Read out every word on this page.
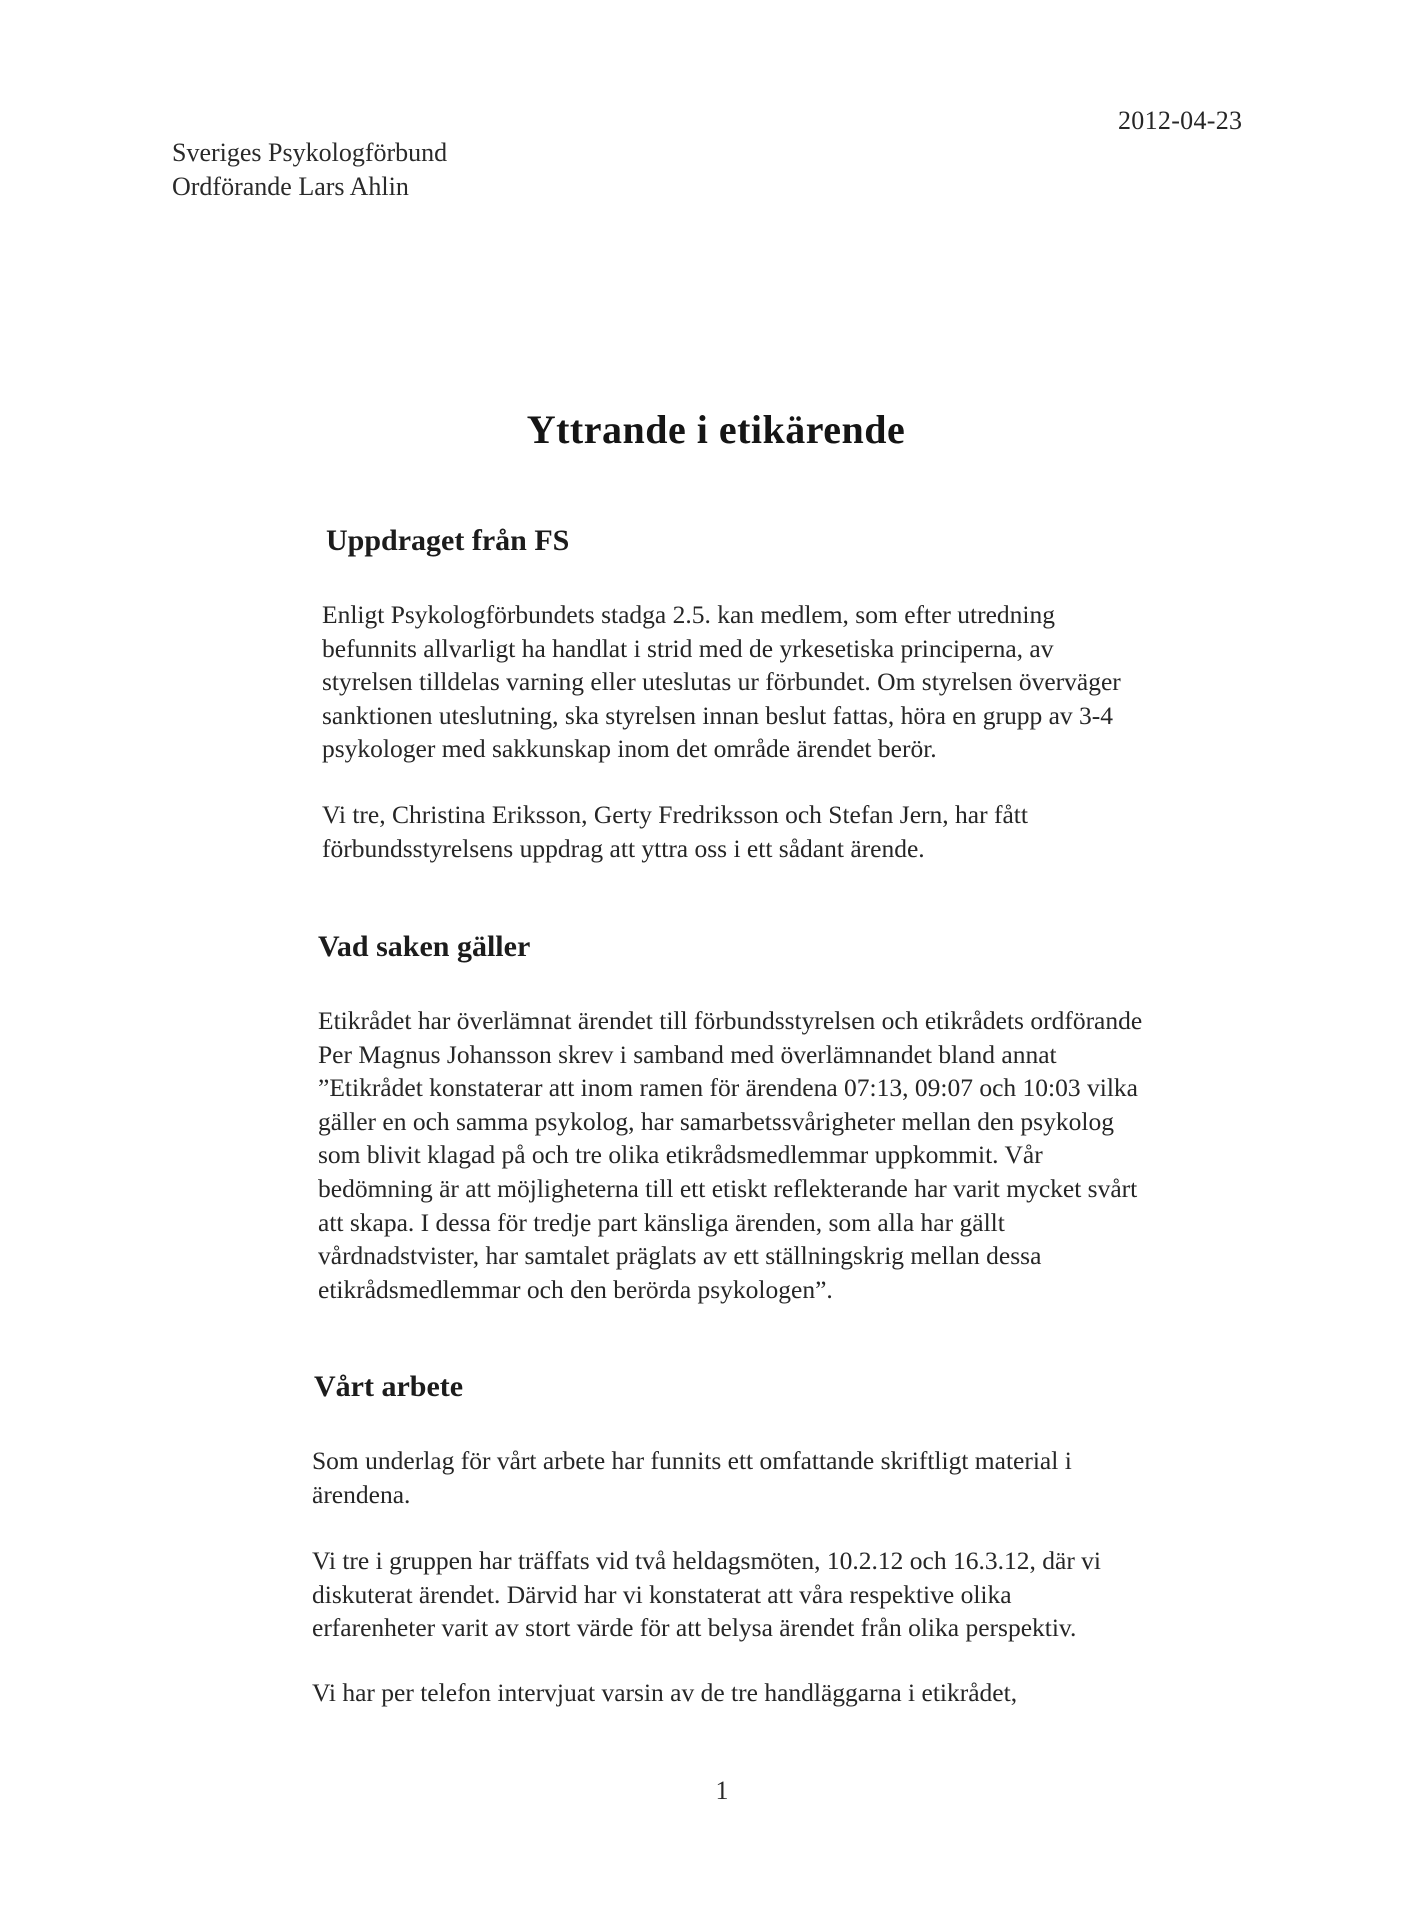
2012-04-23
Sveriges Psykologförbund
Ordförande Lars Ahlin
Yttrande i etikärende
Uppdraget från FS
Enligt Psykologförbundets stadga 2.5. kan medlem, som efter utredning
befunnits allvarligt ha handlat i strid med de yrkesetiska principerna, av
styrelsen tilldelas varning eller uteslutas ur förbundet. Om styrelsen överväger
sanktionen uteslutning, ska styrelsen innan beslut fattas, höra en grupp av 3-4
psykologer med sakkunskap inom det område ärendet berör.
Vi tre, Christina Eriksson, Gerty Fredriksson och Stefan Jern, har fått
förbundsstyrelsens uppdrag att yttra oss i ett sådant ärende.
Vad saken gäller
Etikrådet har överlämnat ärendet till förbundsstyrelsen och etikrådets ordförande
Per Magnus Johansson skrev i samband med överlämnandet bland annat
”Etikrådet konstaterar att inom ramen för ärendena 07:13, 09:07 och 10:03 vilka
gäller en och samma psykolog, har samarbetssvårigheter mellan den psykolog
som blivit klagad på och tre olika etikrådsmedlemmar uppkommit. Vår
bedömning är att möjligheterna till ett etiskt reflekterande har varit mycket svårt
att skapa. I dessa för tredje part känsliga ärenden, som alla har gällt
vårdnadstvister, har samtalet präglats av ett ställningskrig mellan dessa
etikrådsmedlemmar och den berörda psykologen”.
Vårt arbete
Som underlag för vårt arbete har funnits ett omfattande skriftligt material i
ärendena.
Vi tre i gruppen har träffats vid två heldagsmöten, 10.2.12 och 16.3.12, där vi
diskuterat ärendet. Därvid har vi konstaterat att våra respektive olika
erfarenheter varit av stort värde för att belysa ärendet från olika perspektiv.
Vi har per telefon intervjuat varsin av de tre handläggarna i etikrådet,
1
